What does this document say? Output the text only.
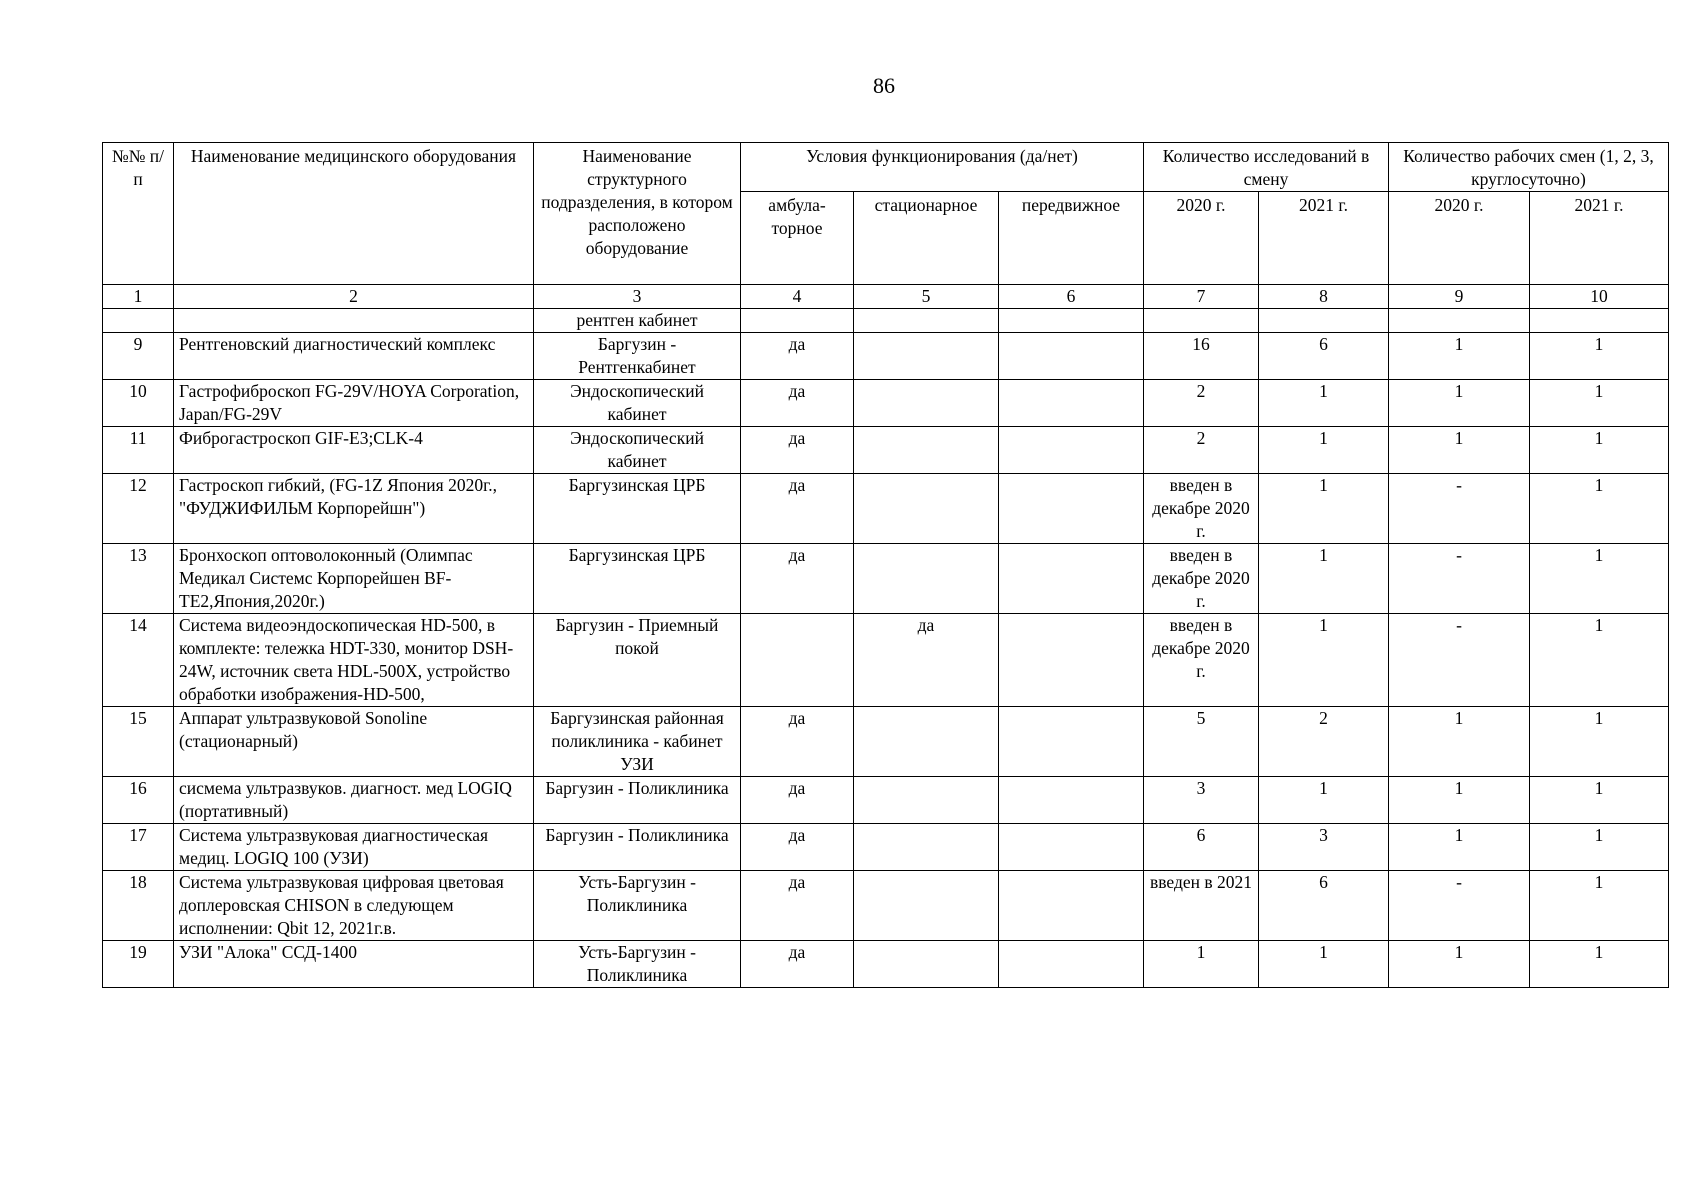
86
№№ п/п	Наименование медицинского оборудования	Наименование структурного подразделения, в котором расположено оборудование	Условия функционирования (да/нет)			Количество исследований в смену		Количество рабочих смен (1, 2, 3, круглосуточно)	
			амбула-торное	стационарное	передвижное	2020 г.	2021 г.	2020 г.	2021 г.
1	2	3	4	5	6	7	8	9	10
		рентген кабинет							
9	Рентгеновский диагностический комплекс	Баргузин - Рентгенкабинет	да			16	6	1	1
10	Гастрофиброскоп FG-29V/HOYA Corporation, Japan/FG-29V	Эндоскопический кабинет	да			2	1	1	1
11	Фиброгастроскоп GIF-E3;CLK-4	Эндоскопический кабинет	да			2	1	1	1
12	Гастроскоп гибкий, (FG-1Z Япония 2020г., "ФУДЖИФИЛЬМ Корпорейшн")	Баргузинская ЦРБ	да			введен в декабре 2020 г.	1	-	1
13	Бронхоскоп оптоволоконный (Олимпас Медикал Системс Корпорейшен BF-TE2,Япония,2020г.)	Баргузинская ЦРБ	да			введен в декабре 2020 г.	1	-	1
14	Система видеоэндоскопическая HD-500, в комплекте: тележка HDT-330, монитор DSH-24W, источник света HDL-500X, устройство обработки изображения-HD-500,	Баргузин - Приемный покой		да		введен в декабре 2020 г.	1	-	1
15	Аппарат ультразвуковой Sonoline (стационарный)	Баргузинская районная поликлиника - кабинет УЗИ	да			5	2	1	1
16	сисмема ультразвуков. диагност. мед LOGIQ (портативный)	Баргузин - Поликлиника	да			3	1	1	1
17	Система ультразвуковая диагностическая медиц. LOGIQ 100 (УЗИ)	Баргузин - Поликлиника	да			6	3	1	1
18	Система ультразвуковая цифровая цветовая доплеровская CHISON в следующем исполнении: Qbit 12, 2021г.в.	Усть-Баргузин - Поликлиника	да			введен в 2021	6	-	1
19	УЗИ "Алока" ССД-1400	Усть-Баргузин - Поликлиника	да			1	1	1	1
